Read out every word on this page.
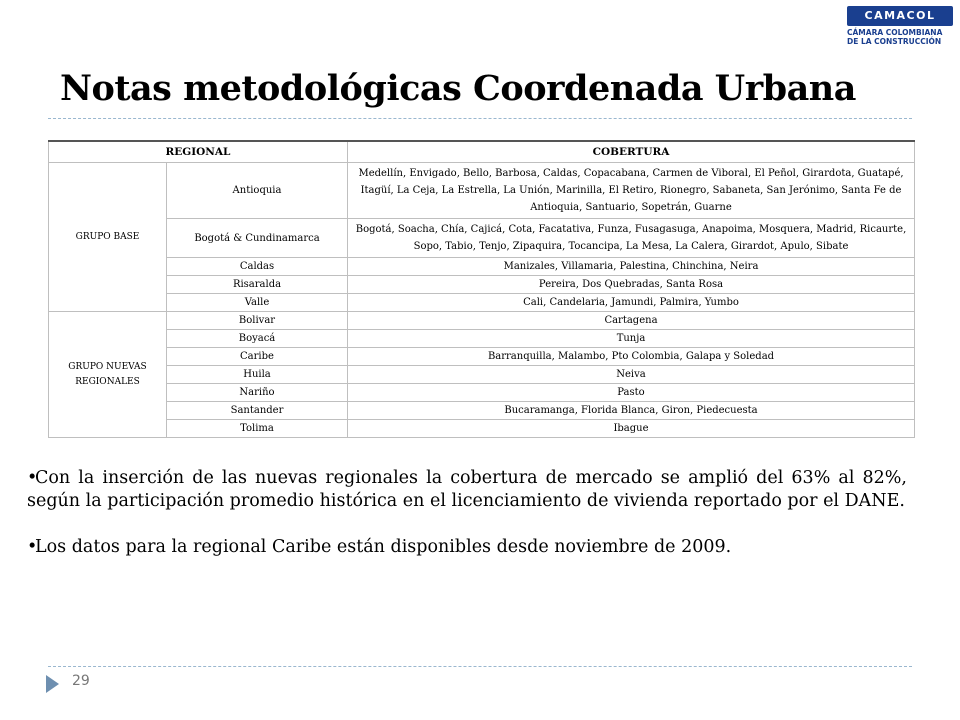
CAMACOL
CÁMARA COLOMBIANA
DE LA CONSTRUCCIÓN
Notas metodológicas Coordenada Urbana
REGIONAL		COBERTURA
GRUPO BASE	Antioquia	Medellín, Envigado, Bello, Barbosa, Caldas, Copacabana, Carmen de Viboral, El Peñol, Girardota, Guatapé, Itagüí, La Ceja, La Estrella, La Unión, Marinilla, El Retiro, Rionegro, Sabaneta, San Jerónimo, Santa Fe de Antioquia, Santuario, Sopetrán, Guarne
	Bogotá & Cundinamarca	Bogotá, Soacha, Chía, Cajicá, Cota, Facatativa, Funza, Fusagasuga, Anapoima, Mosquera, Madrid, Ricaurte, Sopo, Tabio, Tenjo, Zipaquira, Tocancipa, La Mesa, La Calera, Girardot, Apulo, Sibate
	Caldas	Manizales, Villamaria, Palestina, Chinchina, Neira
	Risaralda	Pereira, Dos Quebradas, Santa Rosa
	Valle	Cali, Candelaria, Jamundi, Palmira, Yumbo
GRUPO NUEVAS REGIONALES	Bolivar	Cartagena
	Boyacá	Tunja
	Caribe	Barranquilla, Malambo, Pto Colombia, Galapa y Soledad
	Huila	Neiva
	Nariño	Pasto
	Santander	Bucaramanga, Florida Blanca, Giron, Piedecuesta
	Tolima	Ibague

•Con la inserción de las nuevas regionales la cobertura de mercado se amplió del 63% al 82%, según la participación promedio histórica en el licenciamiento de vivienda reportado por el DANE.

•Los datos para la regional Caribe están disponibles desde noviembre de 2009.

29
